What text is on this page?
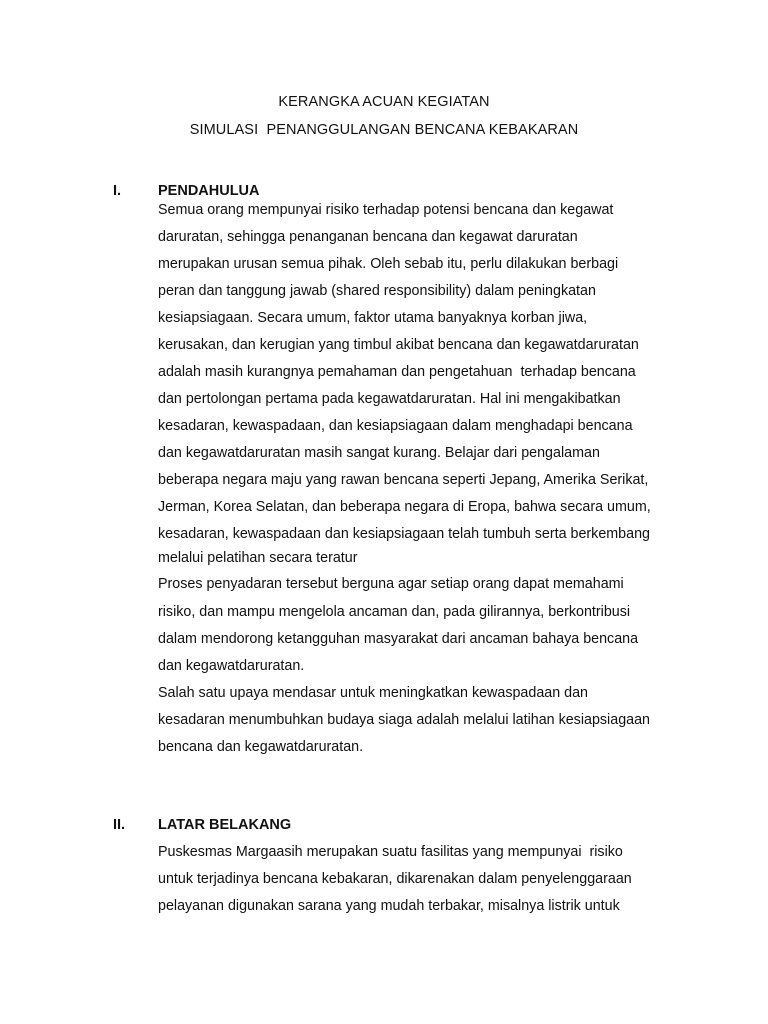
KERANGKA ACUAN KEGIATAN
SIMULASI  PENANGGULANGAN BENCANA KEBAKARAN
I.	PENDAHULUA
Semua orang mempunyai risiko terhadap potensi bencana dan kegawat
daruratan, sehingga penanganan bencana dan kegawat daruratan
merupakan urusan semua pihak. Oleh sebab itu, perlu dilakukan berbagi
peran dan tanggung jawab (shared responsibility) dalam peningkatan
kesiapsiagaan. Secara umum, faktor utama banyaknya korban jiwa,
kerusakan, dan kerugian yang timbul akibat bencana dan kegawatdaruratan
adalah masih kurangnya pemahaman dan pengetahuan  terhadap bencana
dan pertolongan pertama pada kegawatdaruratan. Hal ini mengakibatkan
kesadaran, kewaspadaan, dan kesiapsiagaan dalam menghadapi bencana
dan kegawatdaruratan masih sangat kurang. Belajar dari pengalaman
beberapa negara maju yang rawan bencana seperti Jepang, Amerika Serikat,
Jerman, Korea Selatan, dan beberapa negara di Eropa, bahwa secara umum,
kesadaran, kewaspadaan dan kesiapsiagaan telah tumbuh serta berkembang
melalui pelatihan secara teratur
Proses penyadaran tersebut berguna agar setiap orang dapat memahami
risiko, dan mampu mengelola ancaman dan, pada gilirannya, berkontribusi
dalam mendorong ketangguhan masyarakat dari ancaman bahaya bencana
dan kegawatdaruratan.
Salah satu upaya mendasar untuk meningkatkan kewaspadaan dan
kesadaran menumbuhkan budaya siaga adalah melalui latihan kesiapsiagaan
bencana dan kegawatdaruratan.
II. LATAR BELAKANG
Puskesmas Margaasih merupakan suatu fasilitas yang mempunyai  risiko
untuk terjadinya bencana kebakaran, dikarenakan dalam penyelenggaraan
pelayanan digunakan sarana yang mudah terbakar, misalnya listrik untuk
